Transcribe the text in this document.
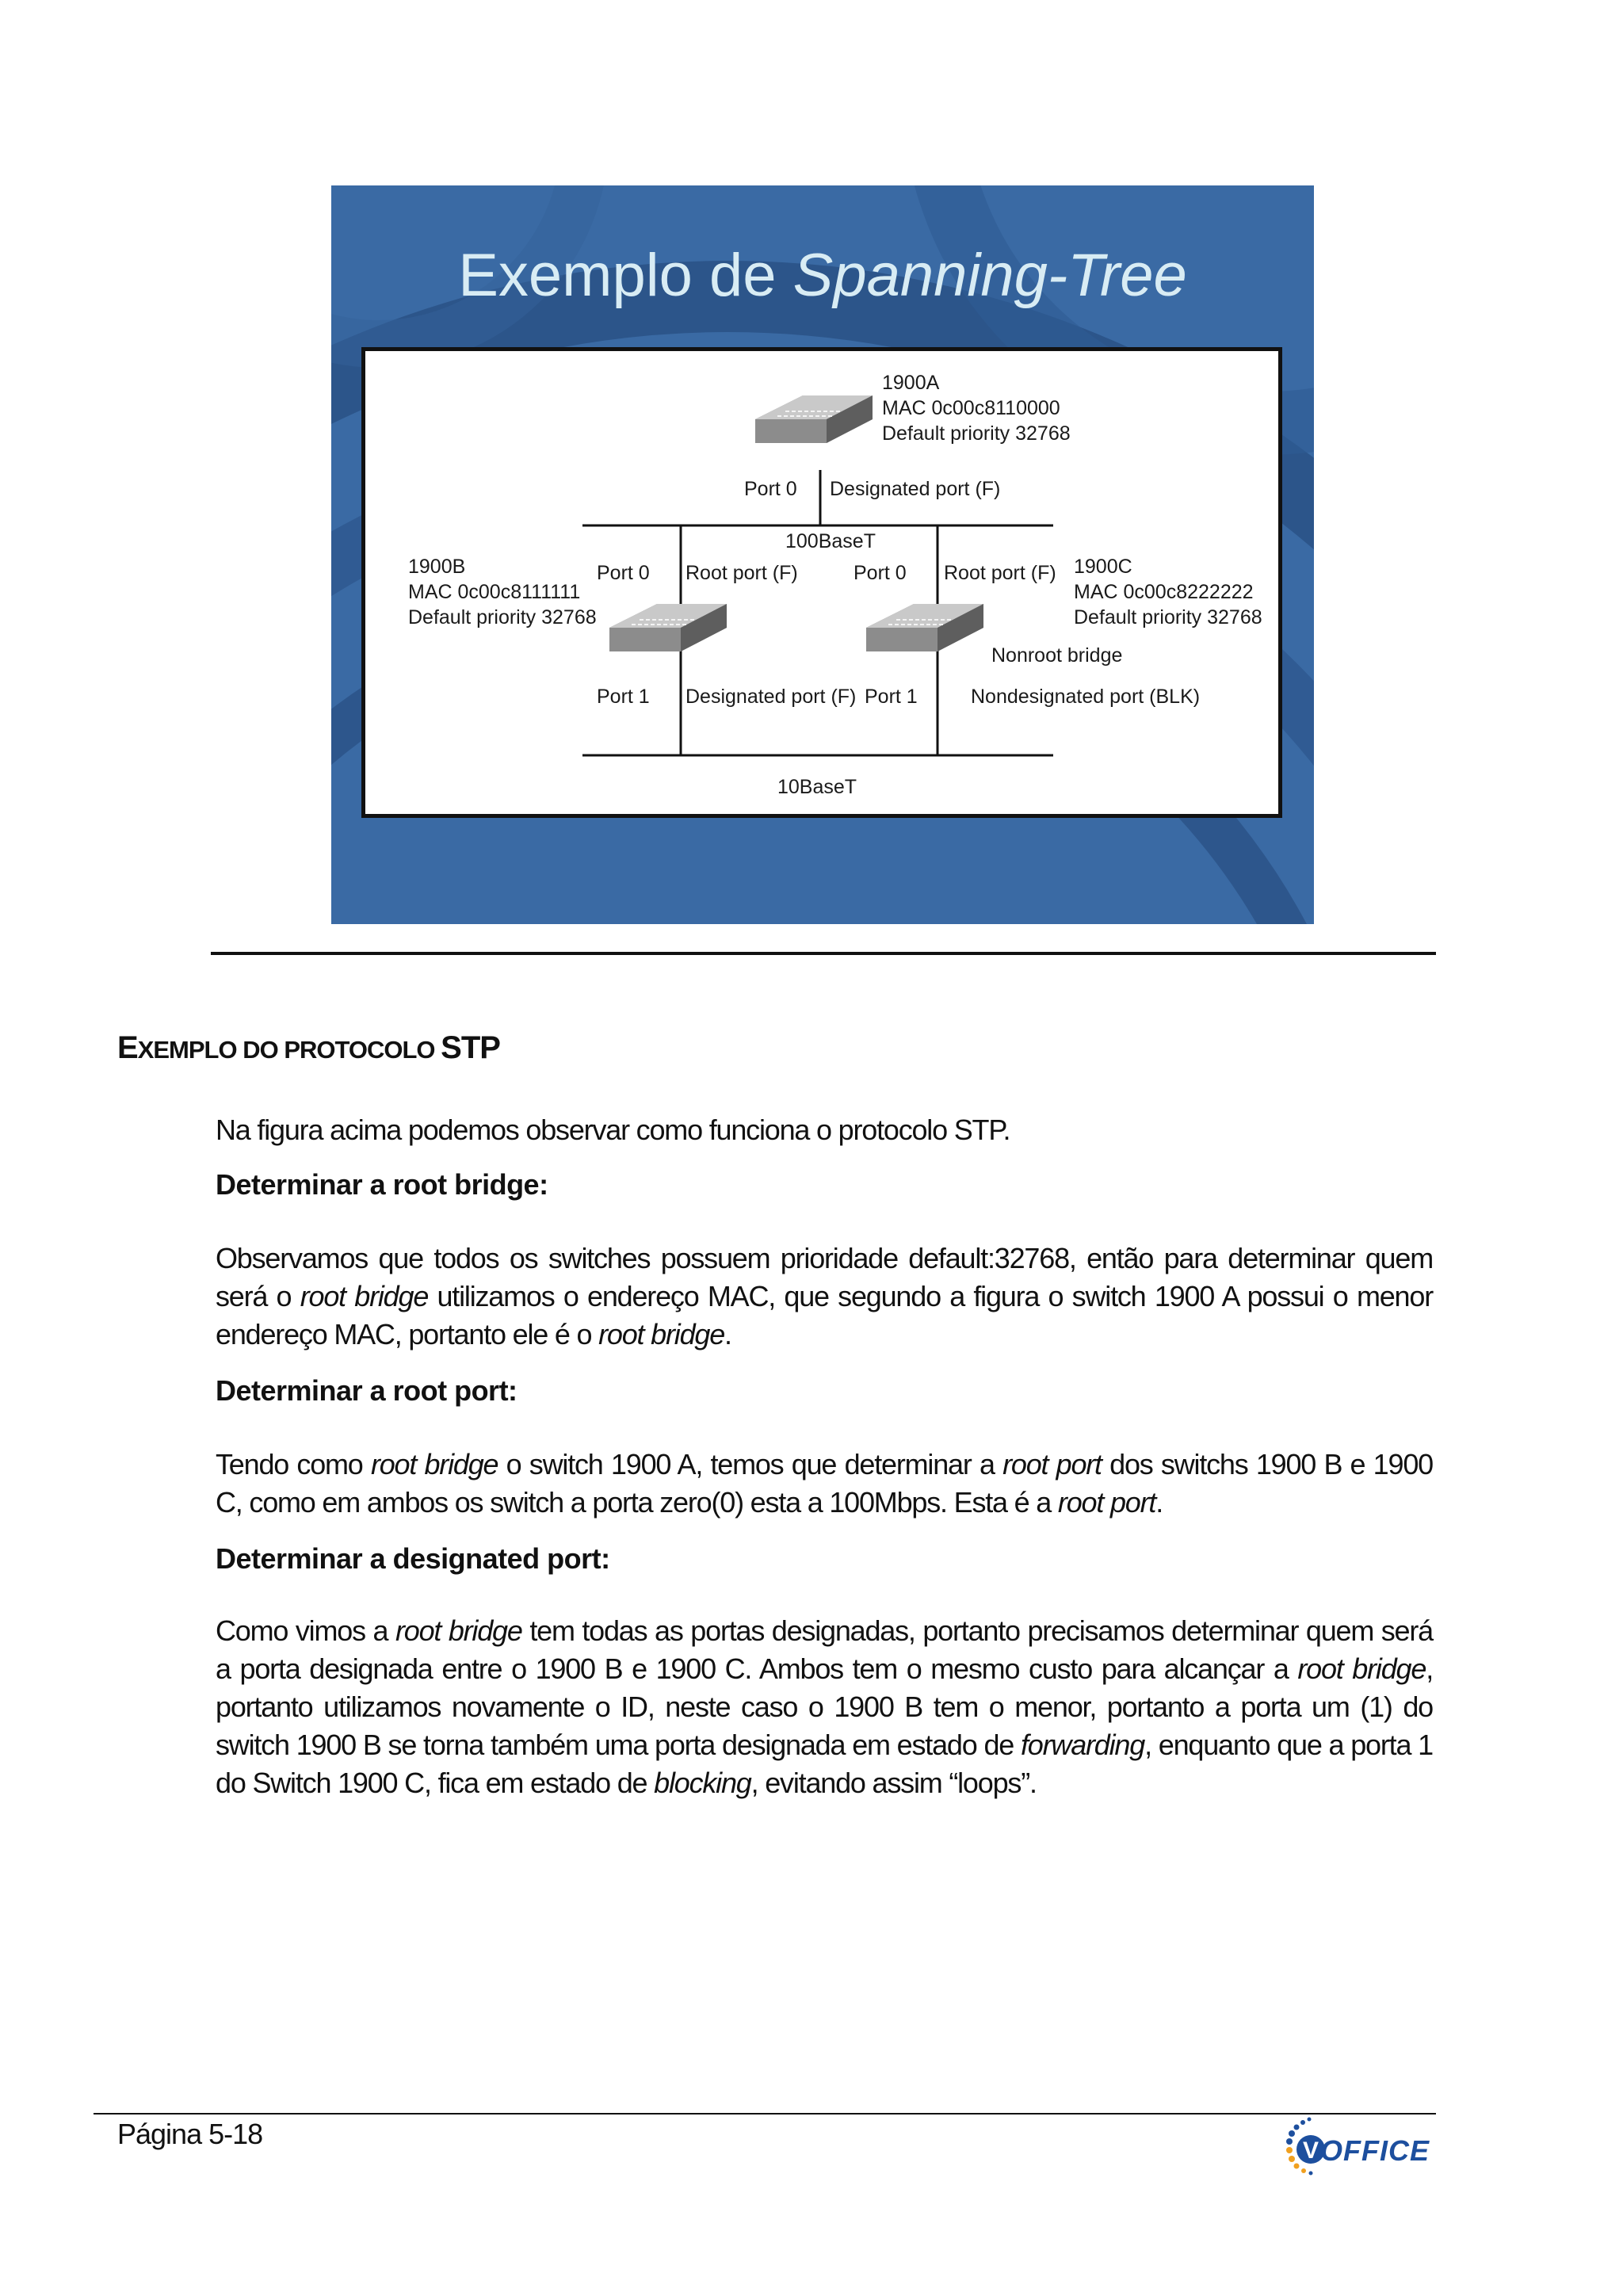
Exemplo de Spanning-Tree
1900A
MAC 0c00c8110000
Default priority 32768
Port 0 Designated port (F)
100BaseT
1900B
MAC 0c00c8111111
Default priority 32768
Port 0 Root port (F)
Port 1 Designated port (F)
Port 0 Root port (F) 1900C
MAC 0c00c8222222
Default priority 32768
Nonroot bridge
Port 1	Nondesignated port (BLK)
10BaseT
EXEMPLO DO PROTOCOLO STP
Na figura acima podemos observar como funciona o protocolo STP.
Determinar a root bridge:
Observamos que todos os switches possuem prioridade default:32768, então para determinar quem será o root bridge utilizamos o endereço MAC, que segundo a figura o switch 1900 A possui o menor endereço MAC, portanto ele é o root bridge.
Determinar a root port:
Tendo como root bridge o switch 1900 A, temos que determinar a root port dos switchs 1900 B e 1900 C, como em ambos os switch a porta zero(0) esta a 100Mbps. Esta é a root port.
Determinar a designated port:
Como vimos a root bridge tem todas as portas designadas, portanto precisamos determinar quem será a porta designada entre o 1900 B e 1900 C. Ambos tem o mesmo custo para alcançar a root bridge, portanto utilizamos novamente o ID, neste caso o 1900 B tem o menor, portanto a porta um (1) do switch 1900 B se torna também uma porta designada em estado de forwarding, enquanto que a porta 1 do Switch 1900 C, fica em estado de blocking, evitando assim “loops”.
Página 5-18
V OFFICE
